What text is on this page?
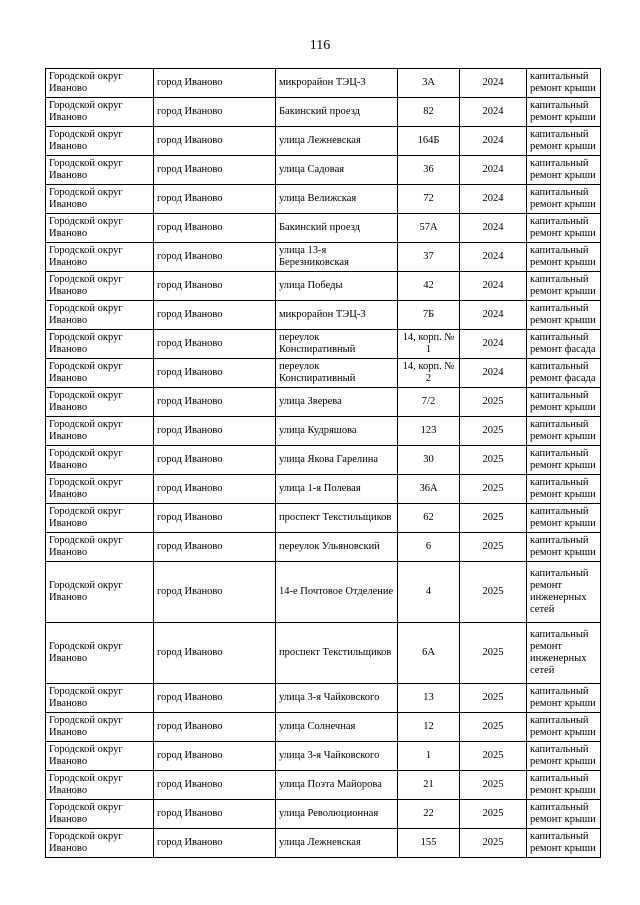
116
Городской округ Иваново	город Иваново	микрорайон ТЭЦ-3	3А	2024	капитальный ремонт крыши
Городской округ Иваново	город Иваново	Бакинский проезд	82	2024	капитальный ремонт крыши
Городской округ Иваново	город Иваново	улица Лежневская	164Б	2024	капитальный ремонт крыши
Городской округ Иваново	город Иваново	улица Садовая	36	2024	капитальный ремонт крыши
Городской округ Иваново	город Иваново	улица Велижская	72	2024	капитальный ремонт крыши
Городской округ Иваново	город Иваново	Бакинский проезд	57А	2024	капитальный ремонт крыши
Городской округ Иваново	город Иваново	улица 13-я Березниковская	37	2024	капитальный ремонт крыши
Городской округ Иваново	город Иваново	улица Победы	42	2024	капитальный ремонт крыши
Городской округ Иваново	город Иваново	микрорайон ТЭЦ-3	7Б	2024	капитальный ремонт крыши
Городской округ Иваново	город Иваново	переулок Конспиративный	14, корп. № 1	2024	капитальный ремонт фасада
Городской округ Иваново	город Иваново	переулок Конспиративный	14, корп. № 2	2024	капитальный ремонт фасада
Городской округ Иваново	город Иваново	улица Зверева	7/2	2025	капитальный ремонт крыши
Городской округ Иваново	город Иваново	улица Кудряшова	123	2025	капитальный ремонт крыши
Городской округ Иваново	город Иваново	улица Якова Гарелина	30	2025	капитальный ремонт крыши
Городской округ Иваново	город Иваново	улица 1-я Полевая	36А	2025	капитальный ремонт крыши
Городской округ Иваново	город Иваново	проспект Текстильщиков	62	2025	капитальный ремонт крыши
Городской округ Иваново	город Иваново	переулок Ульяновский	6	2025	капитальный ремонт крыши
Городской округ Иваново	город Иваново	14-е Почтовое Отделение	4	2025	капитальный ремонт инженерных сетей
Городской округ Иваново	город Иваново	проспект Текстильщиков	6А	2025	капитальный ремонт инженерных сетей
Городской округ Иваново	город Иваново	улица 3-я Чайковского	13	2025	капитальный ремонт крыши
Городской округ Иваново	город Иваново	улица Солнечная	12	2025	капитальный ремонт крыши
Городской округ Иваново	город Иваново	улица 3-я Чайковского	1	2025	капитальный ремонт крыши
Городской округ Иваново	город Иваново	улица Поэта Майорова	21	2025	капитальный ремонт крыши
Городской округ Иваново	город Иваново	улица Революционная	22	2025	капитальный ремонт крыши
Городской округ Иваново	город Иваново	улица Лежневская	155	2025	капитальный ремонт крыши
